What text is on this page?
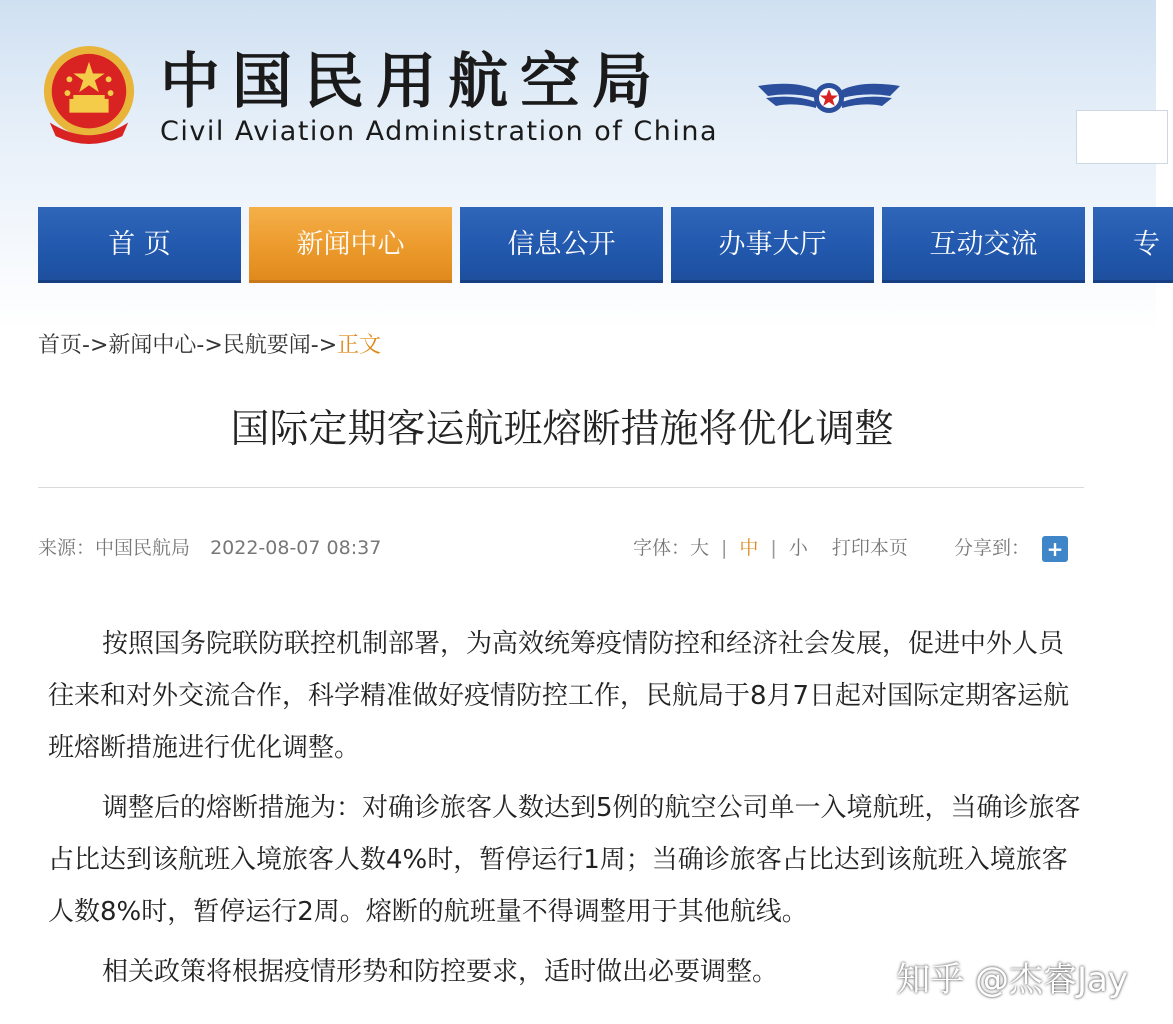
中国民用航空局
Civil Aviation Administration of China
首 页	新闻中心	信息公开	办事大厅	互动交流	专
首页->新闻中心->民航要闻->正文
国际定期客运航班熔断措施将优化调整
来源：中国民航局 2022-08-07 08:37	字体：大 | 中 | 小 打印本页 分享到： +

按照国务院联防联控机制部署，为高效统筹疫情防控和经济社会发展，促进中外人员往来和对外交流合作，科学精准做好疫情防控工作，民航局于8月7日起对国际定期客运航班熔断措施进行优化调整。

调整后的熔断措施为：对确诊旅客人数达到5例的航空公司单一入境航班，当确诊旅客占比达到该航班入境旅客人数4%时，暂停运行1周；当确诊旅客占比达到该航班入境旅客人数8%时，暂停运行2周。熔断的航班量不得调整用于其他航线。

相关政策将根据疫情形势和防控要求，适时做出必要调整。	知乎 @杰睿Jay
